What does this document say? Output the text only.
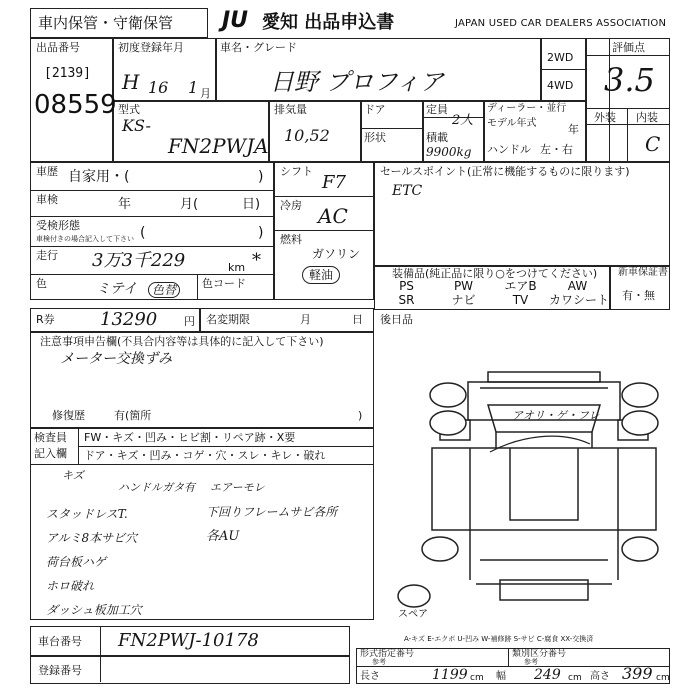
車内保管・守衛保管 JU 愛知 出品申込書	JAPAN USED CAR DEALERS ASSOCIATION
出品番号
[2139]
08559
初度登録年月
H 16 1 月
車名・グレード
日野 プロフィア
2WD
4WD
型式
KS-
FN2PWJA
排気量
10,52
ドア
形状
定員
2人
積載
9900kg
ディーラー・並行
モデル年式	年
ハンドル 左・右
評価点
3.5
外装 内装
C
車歴 自家用・(	)
車検	年	月(	日)
受検形態
車検付きの場合記入して下さい (	)
走行 3万3千229	km *
色	ミテイ	色替	色コード
シフト
F7
冷房 AC
燃料
ガソリン
軽油
セールスポイント(正常に機能するものに限ります)
ETC
装備品(純正品に限り○をつけてください)
PS	PW	エアB	AW
SR	ナビ	TV	カワシート
新車保証書
有・無
R券	13290 円 名変期限	月	日 後日品
注意事項申告欄(不具合内容等は具体的に記入して下さい)
メーター交換ずみ
修復歴	有(箇所	)
検査員
記入欄
FW・キズ・凹み・ヒビ割・リペア跡・X要
ドア・キズ・凹み・コゲ・穴・スレ・キレ・破れ
キズ
ハンドルガタ有 エアーモレ
スタッドレスT.	下回りフレームサビ各所
各AU
アルミ8本サビ穴
荷台板ハゲ
ホロ破れ
ダッシュ板加工穴
アオリ・ゲ・フレ
スペア
A-キズ E-エクボ U-凹み W-補修跡 S-サビ C-腐食 XX-交換済
車台番号 FN2PWJ-10178
登録番号
形式指定番号
参考
類別区分番号
参考
長さ	1199 cm 幅 249 cm 高さ 399 cm
